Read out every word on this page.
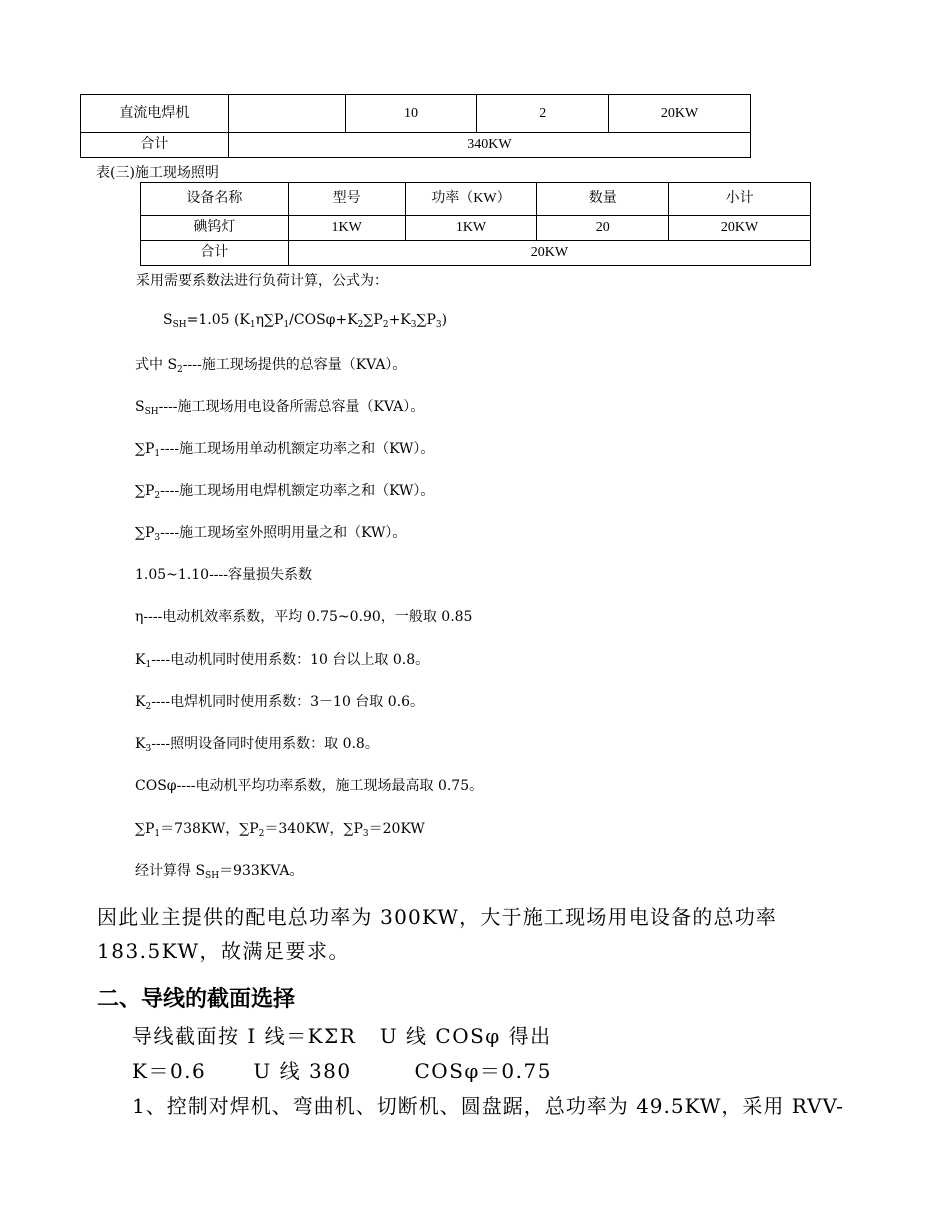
直流电焊机		10	2	20KW
合计	340KW			
表(三)施工现场照明
设备名称	型号	功率（KW）	数量	小计
碘钨灯	1KW	1KW	20	20KW
合计	20KW			
采用需要系数法进行负荷计算，公式为：
$S_{SH}=1.05$ $(K_1\eta\sum P_1/COS\varphi+K_2\sum P_2+K_3\sum P_3)$
式中 $S_2----$施工现场提供的总容量（KVA）。
$S_{SH}----$施工现场用电设备所需总容量（KVA）。
$\sum P_1----$施工现场用单动机额定功率之和（KW）。
$\sum P_2----$施工现场用电焊机额定功率之和（KW）。
$\sum P_3----$施工现场室外照明用量之和（KW）。
1.05~1.10----容量损失系数
η----电动机效率系数，平均 0.75~0.90，一般取 0.85
$K_1----$电动机同时使用系数：10 台以上取 0.8。
$K_2----$电焊机同时使用系数：3－10 台取 0.6。
$K_3----$照明设备同时使用系数：取 0.8。
COSφ----电动机平均功率系数，施工现场最高取 0.75。
$\sum P_1=738KW$，$\sum P_2=340KW$，$\sum P_3=20KW$
经计算得 $S_{SH}=933KVA$。
因此业主提供的配电总功率为 300KW，大于施工现场用电设备的总功率
183.5KW，故满足要求。
二、导线的截面选择
导线截面按 I 线＝KΣR   U 线 COSφ 得出
K＝0.6      U 线 380        COSφ＝0.75
1、控制对焊机、弯曲机、切断机、圆盘踞，总功率为 49.5KW，采用 RVV-
